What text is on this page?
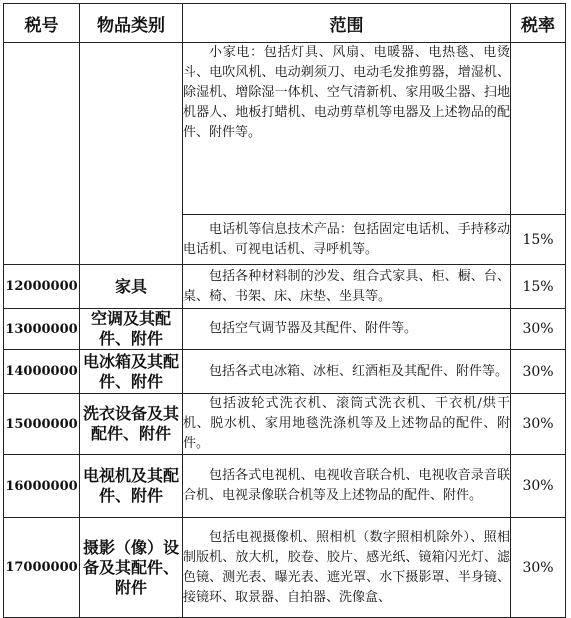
税号	物品类别	范围	税率

		小家电：包括灯具、风扇、电暖器、电热毯、电烫斗、电吹风机、电动剃须刀、电动毛发推剪器，增湿机、除湿机、增除湿一体机、空气清新机、家用吸尘器、扫地机器人、地板打蜡机、电动剪草机等电器及上述物品的配件、附件等。	

		电话机等信息技术产品：包括固定电话机、手持移动电话机、可视电话机、寻呼机等。	15%
12000000	家具	包括各种材料制的沙发、组合式家具、柜、橱、台、桌、椅、书架、床、床垫、坐具等。	15%
13000000	空调及其配件、附件	包括空气调节器及其配件、附件等。	30%
14000000	电冰箱及其配件、附件	包括各式电冰箱、冰柜、红酒柜及其配件、附件等。	30%
15000000	洗衣设备及其配件、附件	包括波轮式洗衣机、滚筒式洗衣机、干衣机/烘干机、脱水机、家用地毯洗涤机等及上述物品的配件、附件。	30%
16000000	电视机及其配件、附件	包括各式电视机、电视收音联合机、电视收音录音联合机、电视录像联合机等及上述物品的配件、附件。	30%
17000000	摄影（像）设备及其配件、附件	包括电视摄像机、照相机（数字照相机除外）、照相制版机、放大机，胶卷、胶片、感光纸、镜箱闪光灯、滤色镜、测光表、曝光表、遮光罩、水下摄影罩、半身镜、接镜环、取景器、自拍器、洗像盒、	30%
